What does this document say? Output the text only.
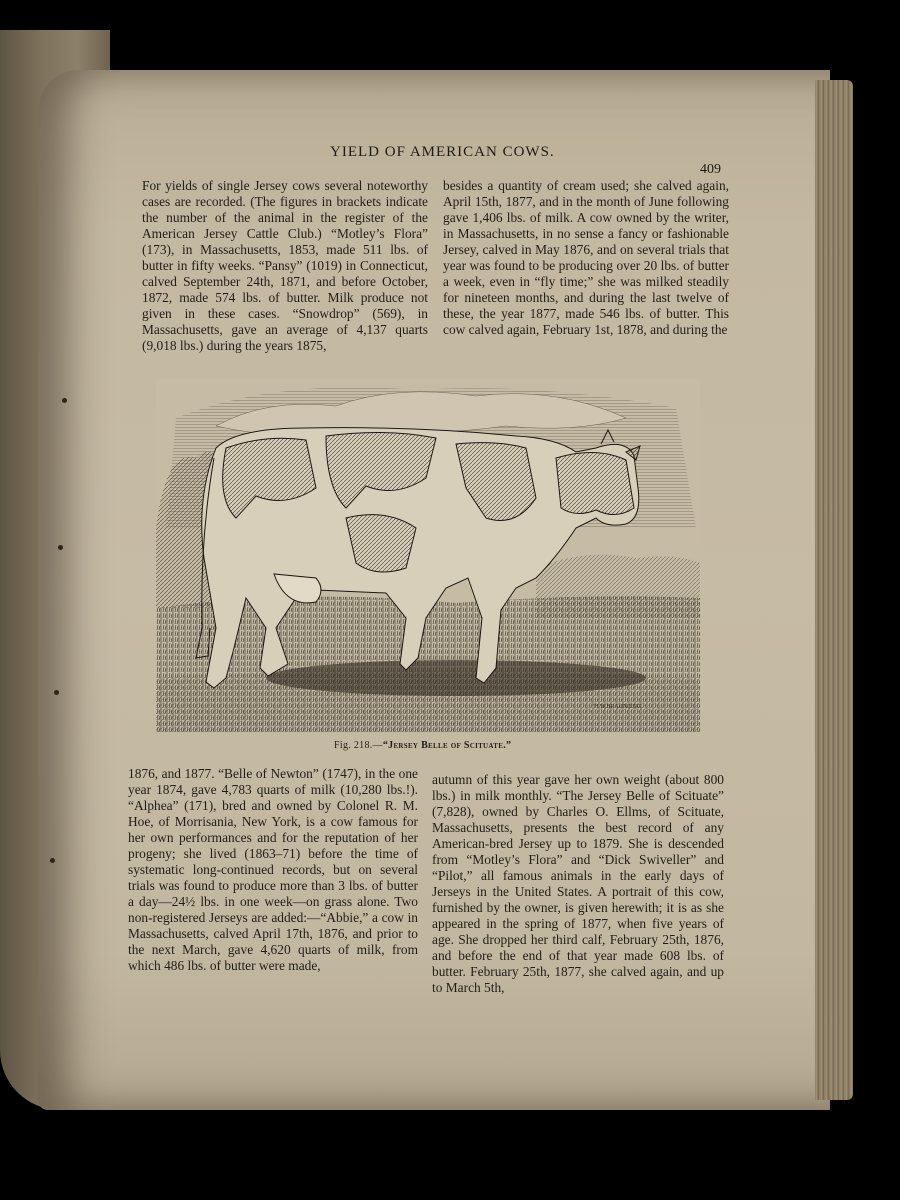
YIELD OF AMERICAN COWS.
409

For yields of single Jersey cows several noteworthy cases are recorded. (The figures in brackets indicate the number of the animal in the register of the American Jersey Cattle Club.) “Motley’s Flora” (173), in Massachusetts, 1853, made 511 lbs. of butter in fifty weeks. “Pansy” (1019) in Connecticut, calved September 24th, 1871, and before October, 1872, made 574 lbs. of butter. Milk produce not given in these cases. “Snowdrop” (569), in Massachusetts, gave an average of 4,137 quarts (9,018 lbs.) during the years 1875,

besides a quantity of cream used; she calved again, April 15th, 1877, and in the month of June following gave 1,406 lbs. of milk. A cow owned by the writer, in Massachusetts, in no sense a fancy or fashionable Jersey, calved in May 1876, and on several trials that year was found to be producing over 20 lbs. of butter a week, even in “fly time;” she was milked steadily for nineteen months, and during the last twelve of these, the year 1877, made 546 lbs. of butter. This cow calved again, February 1st, 1878, and during the

H.W.BRAUN.ENG
Fig. 218.—“Jersey Belle of Scituate.”

1876, and 1877. “Belle of Newton” (1747), in the one year 1874, gave 4,783 quarts of milk (10,280 lbs.!). “Alphea” (171), bred and owned by Colonel R. M. Hoe, of Morrisania, New York, is a cow famous for her own performances and for the reputation of her progeny; she lived (1863–71) before the time of systematic long-continued records, but on several trials was found to produce more than 3 lbs. of butter a day—24½ lbs. in one week—on grass alone. Two non-registered Jerseys are added:—“Abbie,” a cow in Massachusetts, calved April 17th, 1876, and prior to the next March, gave 4,620 quarts of milk, from which 486 lbs. of butter were made,

autumn of this year gave her own weight (about 800 lbs.) in milk monthly. “The Jersey Belle of Scituate” (7,828), owned by Charles O. Ellms, of Scituate, Massachusetts, presents the best record of any American-bred Jersey up to 1879. She is descended from “Motley’s Flora” and “Dick Swiveller” and “Pilot,” all famous animals in the early days of Jerseys in the United States. A portrait of this cow, furnished by the owner, is given herewith; it is as she appeared in the spring of 1877, when five years of age. She dropped her third calf, February 25th, 1876, and before the end of that year made 608 lbs. of butter. February 25th, 1877, she calved again, and up to March 5th,
